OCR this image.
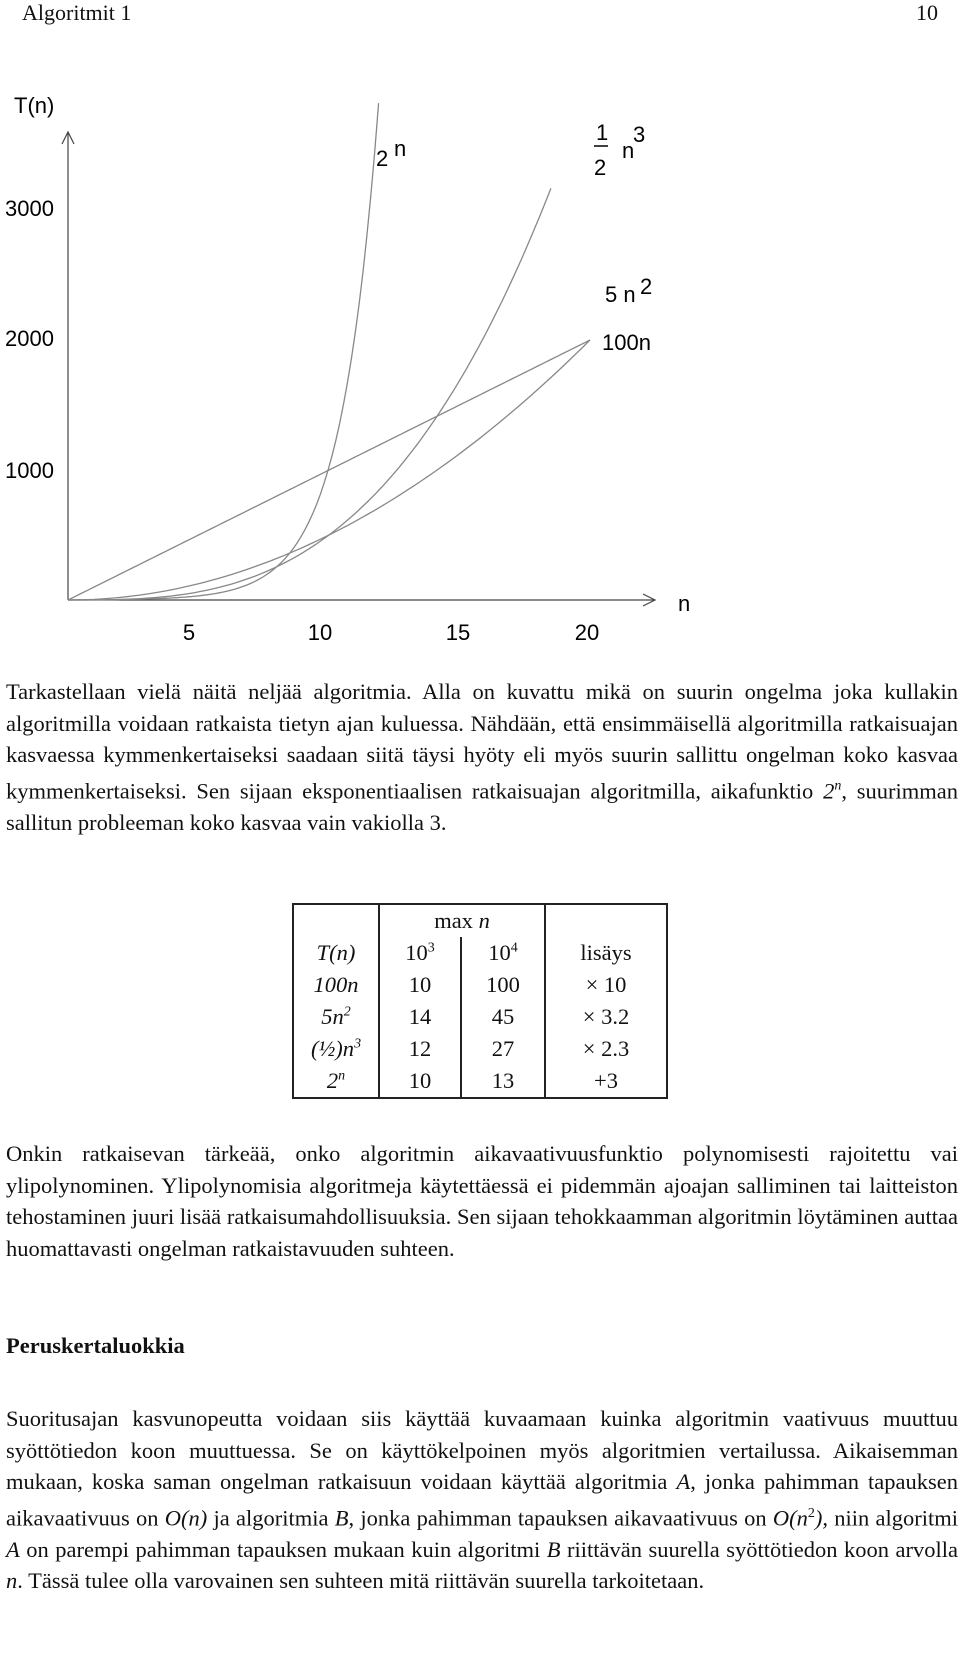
Algoritmit 1	10
T(n)
n
3000
2000
1000
5	10	15	20
2 n
1
2
n
3
5 n 2
100n
Tarkastellaan vielä näitä neljää algoritmia. Alla on kuvattu mikä on suurin ongelma joka kullakin algoritmilla voidaan ratkaista tietyn ajan kuluessa. Nähdään, että ensimmäisellä algoritmilla ratkaisuajan kasvaessa kymmenkertaiseksi saadaan siitä täysi hyöty eli myös suurin sallittu ongelman koko kasvaa kymmenkertaiseksi. Sen sijaan eksponentiaalisen ratkaisuajan algoritmilla, aikafunktio 2$^n$, suurimman sallitun probleeman koko kasvaa vain vakiolla 3.
	max n		
T(n)	$10^3$	$10^4$	lisäys
100n	10	100	× 10
$5n^2$	14	45	× 3.2
$(\frac{1}{2})n^3$	12	27	× 2.3
2$^n$	10	13	+3
Onkin ratkaisevan tärkeää, onko algoritmin aikavaativuusfunktio polynomisesti rajoitettu vai ylipolynominen. Ylipolynomisia algoritmeja käytettäessä ei pidemmän ajoajan salliminen tai laitteiston tehostaminen juuri lisää ratkaisumahdollisuuksia. Sen sijaan tehokkaamman algoritmin löytäminen auttaa huomattavasti ongelman ratkaistavuuden suhteen.
Peruskertaluokkia
Suoritusajan kasvunopeutta voidaan siis käyttää kuvaamaan kuinka algoritmin vaativuus muuttuu syöttötiedon koon muuttuessa. Se on käyttökelpoinen myös algoritmien vertailussa. Aikaisemman mukaan, koska saman ongelman ratkaisuun voidaan käyttää algoritmia A, jonka pahimman tapauksen aikavaativuus on O(n) ja algoritmia B, jonka pahimman tapauksen aikavaativuus on $O(n^2)$, niin algoritmi A on parempi pahimman tapauksen mukaan kuin algoritmi B riittävän suurella syöttötiedon koon arvolla n. Tässä tulee olla varovainen sen suhteen mitä riittävän suurella tarkoitetaan.
